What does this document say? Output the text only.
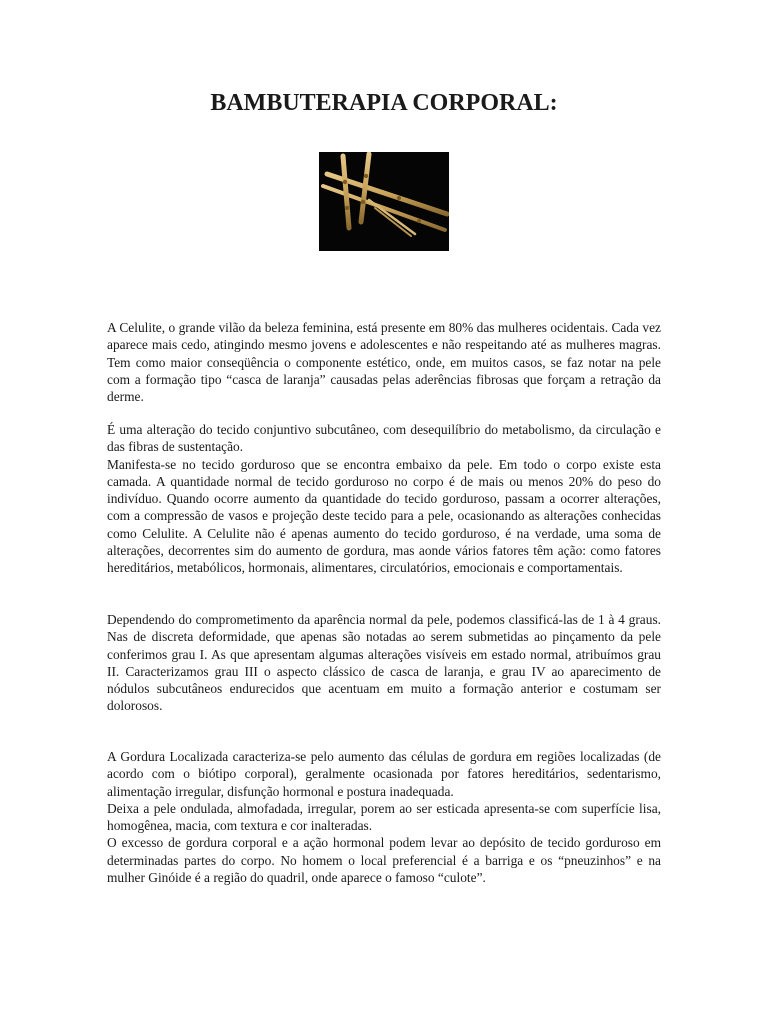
BAMBUTERAPIA CORPORAL:

A Celulite, o grande vilão da beleza feminina, está presente em 80% das mulheres ocidentais. Cada vez aparece mais cedo, atingindo mesmo jovens e adolescentes e não respeitando até as mulheres magras. Tem como maior conseqüência o componente estético, onde, em muitos casos, se faz notar na pele com a formação tipo “casca de laranja” causadas pelas aderências fibrosas que forçam a retração da derme.

É uma alteração do tecido conjuntivo subcutâneo, com desequilíbrio do metabolismo, da circulação e das fibras de sustentação.

Manifesta-se no tecido gorduroso que se encontra embaixo da pele. Em todo o corpo existe esta camada. A quantidade normal de tecido gorduroso no corpo é de mais ou menos 20% do peso do indivíduo. Quando ocorre aumento da quantidade do tecido gorduroso, passam a ocorrer alterações, com a compressão de vasos e projeção deste tecido para a pele, ocasionando as alterações conhecidas como Celulite. A Celulite não é apenas aumento do tecido gorduroso, é na verdade, uma soma de alterações, decorrentes sim do aumento de gordura, mas aonde vários fatores têm ação: como fatores hereditários, metabólicos, hormonais, alimentares, circulatórios, emocionais e comportamentais.

Dependendo do comprometimento da aparência normal da pele, podemos classificá-las de 1 à 4 graus. Nas de discreta deformidade, que apenas são notadas ao serem submetidas ao pinçamento da pele conferimos grau I. As que apresentam algumas alterações visíveis em estado normal, atribuímos grau II. Caracterizamos grau III o aspecto clássico de casca de laranja, e grau IV ao aparecimento de nódulos subcutâneos endurecidos que acentuam em muito a formação anterior e costumam ser dolorosos.

A Gordura Localizada caracteriza-se pelo aumento das células de gordura em regiões localizadas (de acordo com o biótipo corporal), geralmente ocasionada por fatores hereditários, sedentarismo, alimentação irregular, disfunção hormonal e postura inadequada.

Deixa a pele ondulada, almofadada, irregular, porem ao ser esticada apresenta-se com superfície lisa, homogênea, macia, com textura e cor inalteradas.

O excesso de gordura corporal e a ação hormonal podem levar ao depósito de tecido gorduroso em determinadas partes do corpo. No homem o local preferencial é a barriga e os “pneuzinhos” e na mulher Ginóide é a região do quadril, onde aparece o famoso “culote”.
